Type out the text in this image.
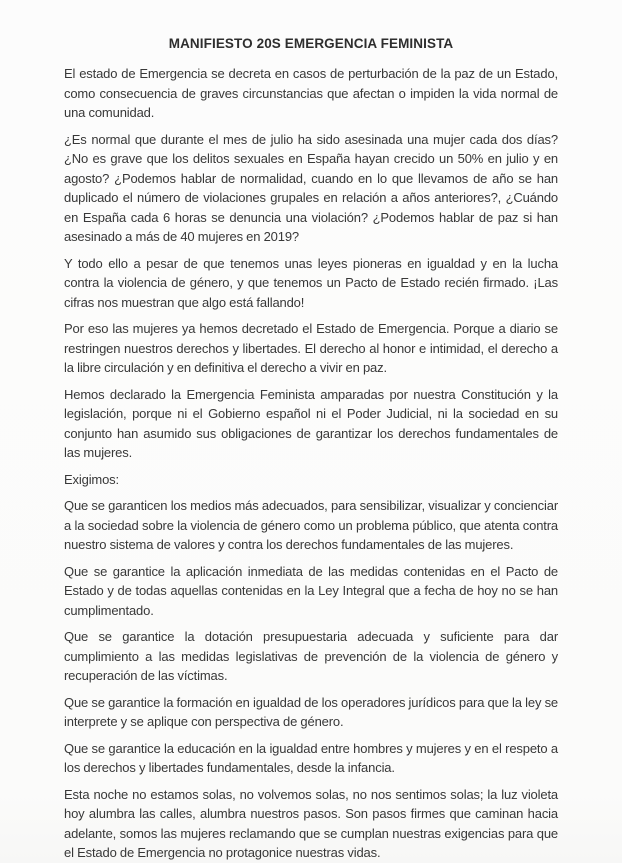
MANIFIESTO 20S EMERGENCIA FEMINISTA

El estado de Emergencia se decreta en casos de perturbación de la paz de un Estado, como consecuencia de graves circunstancias que afectan o impiden la vida normal de una comunidad.

¿Es normal que durante el mes de julio ha sido asesinada una mujer cada dos días? ¿No es grave que los delitos sexuales en España hayan crecido un 50% en julio y en agosto? ¿Podemos hablar de normalidad, cuando en lo que llevamos de año se han duplicado el número de violaciones grupales en relación a años anteriores?, ¿Cuándo en España cada 6 horas se denuncia una violación? ¿Podemos hablar de paz si han asesinado a más de 40 mujeres en 2019?

Y todo ello a pesar de que tenemos unas leyes pioneras en igualdad y en la lucha contra la violencia de género, y que tenemos un Pacto de Estado recién firmado. ¡Las cifras nos muestran que algo está fallando!

Por eso las mujeres ya hemos decretado el Estado de Emergencia. Porque a diario se restringen nuestros derechos y libertades. El derecho al honor e intimidad, el derecho a la libre circulación y en definitiva el derecho a vivir en paz.

Hemos declarado la Emergencia Feminista amparadas por nuestra Constitución y la legislación, porque ni el Gobierno español ni el Poder Judicial, ni la sociedad en su conjunto han asumido sus obligaciones de garantizar los derechos fundamentales de las mujeres.

Exigimos:

Que se garanticen los medios más adecuados, para sensibilizar, visualizar y concienciar a la sociedad sobre la violencia de género como un problema público, que atenta contra nuestro sistema de valores y contra los derechos fundamentales de las mujeres.

Que se garantice la aplicación inmediata de las medidas contenidas en el Pacto de Estado y de todas aquellas contenidas en la Ley Integral que a fecha de hoy no se han cumplimentado.

Que se garantice la dotación presupuestaria adecuada y suficiente para dar cumplimiento a las medidas legislativas de prevención de la violencia de género y recuperación de las víctimas.

Que se garantice la formación en igualdad de los operadores jurídicos para que la ley se interprete y se aplique con perspectiva de género.

Que se garantice la educación en la igualdad entre hombres y mujeres y en el respeto a los derechos y libertades fundamentales, desde la infancia.

Esta noche no estamos solas, no volvemos solas, no nos sentimos solas; la luz violeta hoy alumbra las calles, alumbra nuestros pasos. Son pasos firmes que caminan hacia adelante, somos las mujeres reclamando que se cumplan nuestras exigencias para que el Estado de Emergencia no protagonice nuestras vidas.
